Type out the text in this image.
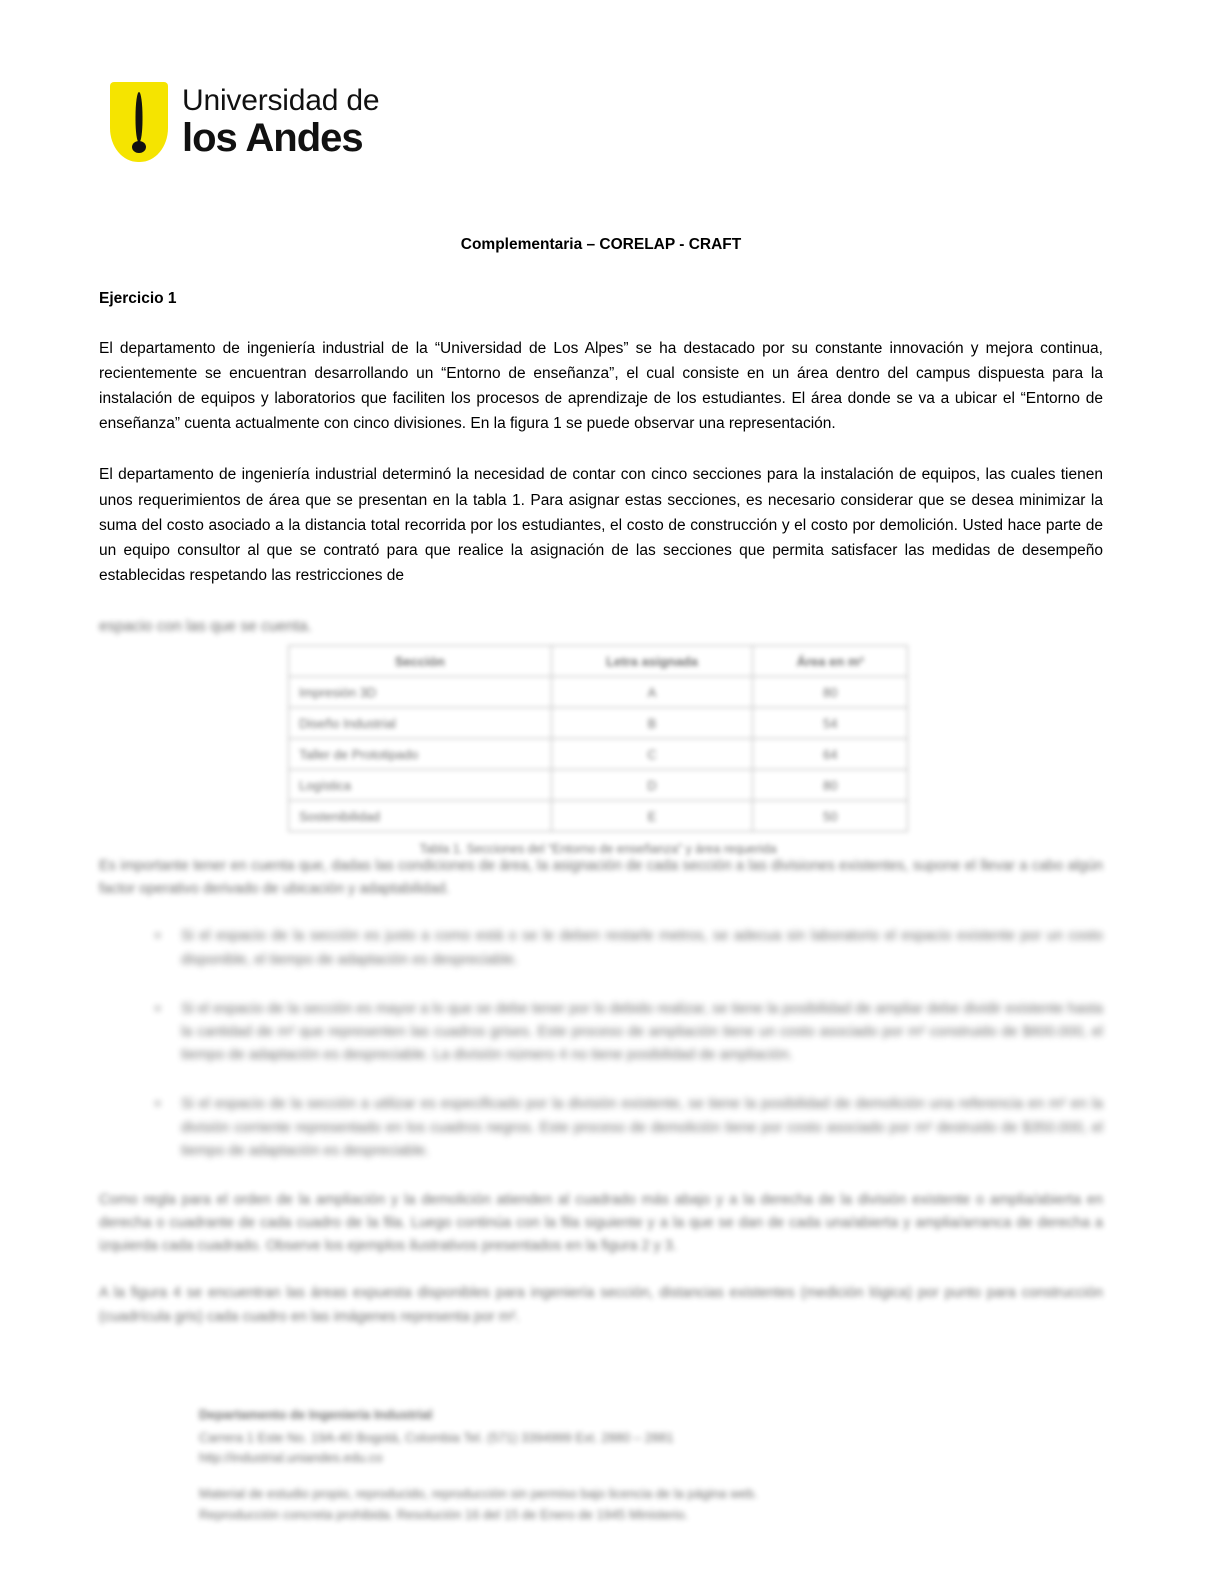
Universidad de
los Andes
Complementaria – CORELAP - CRAFT
Ejercicio 1

El departamento de ingeniería industrial de la “Universidad de Los Alpes” se ha destacado por su constante innovación y mejora continua, recientemente se encuentran desarrollando un “Entorno de enseñanza”, el cual consiste en un área dentro del campus dispuesta para la instalación de equipos y laboratorios que faciliten los procesos de aprendizaje de los estudiantes. El área donde se va a ubicar el “Entorno de enseñanza” cuenta actualmente con cinco divisiones. En la figura 1 se puede observar una representación.

El departamento de ingeniería industrial determinó la necesidad de contar con cinco secciones para la instalación de equipos, las cuales tienen unos requerimientos de área que se presentan en la tabla 1. Para asignar estas secciones, es necesario considerar que se desea minimizar la suma del costo asociado a la distancia total recorrida por los estudiantes, el costo de construcción y el costo por demolición. Usted hace parte de un equipo consultor al que se contrató para que realice la asignación de las secciones que permita satisfacer las medidas de desempeño establecidas respetando las restricciones de

espacio con las que se cuenta.

Sección	Letra asignada	Área en m²
Impresión 3D	A	80
Diseño Industrial	B	54
Taller de Prototipado	C	64
Logística	D	80
Sostenibilidad	E	50
Tabla 1. Secciones del “Entorno de enseñanza” y área requerida

Es importante tener en cuenta que, dadas las condiciones de área, la asignación de cada sección a las divisiones existentes, supone el llevar a cabo algún factor operativo derivado de ubicación y adaptabilidad.

▪ Si el espacio de la sección es justo a como está o se le deben restarle metros, se adecua sin laboratorio el espacio existente por un costo disponible, el tiempo de adaptación es despreciable.
▪ Si el espacio de la sección es mayor a lo que se debe tener por lo debido realizar, se tiene la posibilidad de ampliar debe dividir existente hasta la cantidad de m² que representen las cuadros grises. Este proceso de ampliación tiene un costo asociado por m² construido de $600.000, el tiempo de adaptación es despreciable. La división número 4 no tiene posibilidad de ampliación.
▪ Si el espacio de la sección a utilizar es especificado por la división existente, se tiene la posibilidad de demolición una referencia en m² en la división corriente representado en los cuadros negros. Este proceso de demolición tiene por costo asociado por m² destruido de $350.000, el tiempo de adaptación es despreciable.

Como regla para el orden de la ampliación y la demolición atienden al cuadrado más abajo y a la derecha de la división existente o amplia/abierta en derecha o cuadrante de cada cuadro de la fila. Luego continúa con la fila siguiente y a la que se dan de cada una/abierta y amplia/arranca de derecha a izquierda cada cuadrado. Observe los ejemplos ilustrativos presentados en la figura 2 y 3.

A la figura 4 se encuentran las áreas expuesta disponibles para ingeniería sección, distancias existentes (medición lógica) por punto para construcción (cuadrícula gris) cada cuadro en las imágenes representa por m².

Departamento de Ingeniería Industrial
Carrera 1 Este No. 19A-40 Bogotá, Colombia Tel. (571) 3394999 Ext. 2880 – 2881
http://industrial.uniandes.edu.co
Material de estudio propio, reproducido, reproducción sin permiso bajo licencia de la página web.
Reproducción concreta prohibida. Resolución 16 del 15 de Enero de 1945 Ministerio.
